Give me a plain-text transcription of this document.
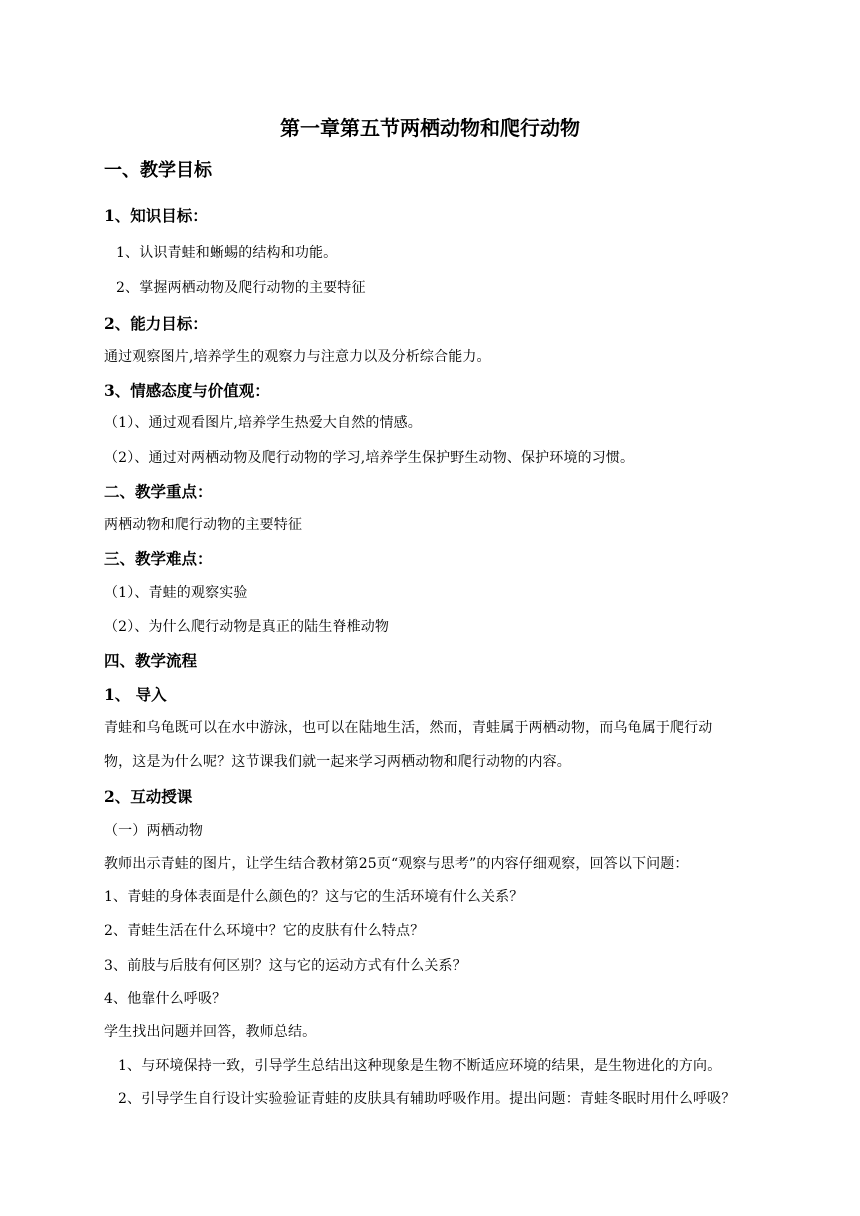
第一章第五节两栖动物和爬行动物
一、教学目标
1、知识目标：
1、认识青蛙和蜥蜴的结构和功能。
2、掌握两栖动物及爬行动物的主要特征
2、能力目标：
通过观察图片,培养学生的观察力与注意力以及分析综合能力。
3、情感态度与价值观：
（1）、通过观看图片,培养学生热爱大自然的情感。
（2）、通过对两栖动物及爬行动物的学习,培养学生保护野生动物、保护环境的习惯。
二、教学重点：
两栖动物和爬行动物的主要特征
三、教学难点：
（1）、青蛙的观察实验
（2）、为什么爬行动物是真正的陆生脊椎动物
四、教学流程
1、 导入
青蛙和乌龟既可以在水中游泳，也可以在陆地生活，然而，青蛙属于两栖动物，而乌龟属于爬行动
物，这是为什么呢？这节课我们就一起来学习两栖动物和爬行动物的内容。
2、互动授课
（一）两栖动物
教师出示青蛙的图片，让学生结合教材第25页“观察与思考”的内容仔细观察，回答以下问题：
1、青蛙的身体表面是什么颜色的？这与它的生活环境有什么关系？
2、青蛙生活在什么环境中？它的皮肤有什么特点？
3、前肢与后肢有何区别？这与它的运动方式有什么关系？
4、他靠什么呼吸？
学生找出问题并回答，教师总结。
1、与环境保持一致，引导学生总结出这种现象是生物不断适应环境的结果，是生物进化的方向。
2、引导学生自行设计实验验证青蛙的皮肤具有辅助呼吸作用。提出问题：青蛙冬眠时用什么呼吸？
